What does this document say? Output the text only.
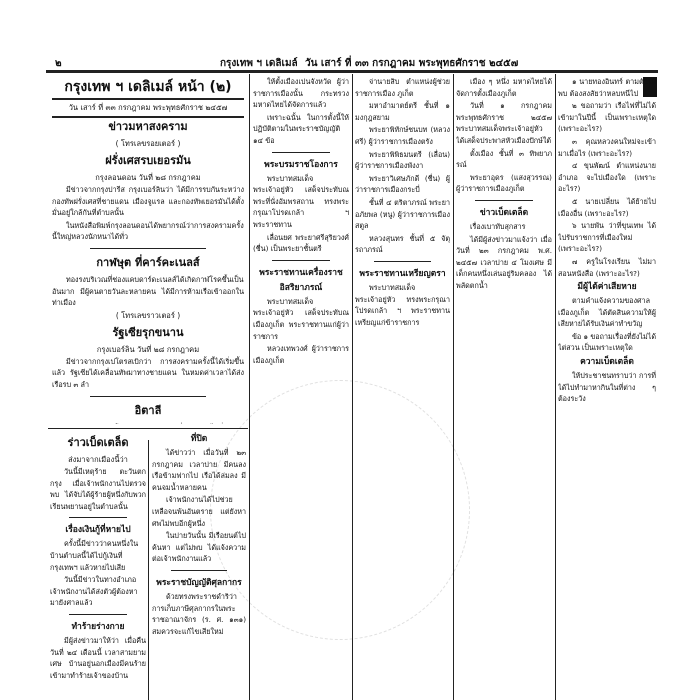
๒	กรุงเทพ ฯ เดลิเมล์ วัน เสาร์ ที่ ๓๓ กรกฎาคม พระพุทธศักราช ๒๔๕๗
กรุงเทพ ฯ เดลิเมล์ หน้า (๒)
วัน เสาร์ ที่ ๓๓ กรกฎาคม พระพุทธศักราช ๒๔๕๗
ข่าวมหาสงคราม
( โทรเลขรอยเตอร์ )
ฝรั่งเศสรบเยอรมัน
กรุงลอนดอน วันที่ ๒๘ กรกฎาคม
มีข่าวจากกรุงปารีส กรุงเบอร์ลินว่า ได้มีการรบกันระหว่างกองทัพฝรั่งเศสที่ชายแดน เมืองจูแรล และกองทัพเยอรมันได้ตั้งมั่นอยู่ใกล้กันที่ตำบลนั้น
ในหนังสือพิมพ์กรุงลอนดอนได้พยากรณ์ว่าการสงครามครั้งนี้ใหญ่หลวงนักหนาได้ทั่ว
กาฬษุต ที่คาร์คะเนลส์
ทองรงบริเวณที่ช่องแคบดาร์ดะเนลส์ได้เกิดกาฬโรคขึ้นเป็นอันมาก มีผู้คนตายวันละหลายคน ได้มีการห้ามเรือเข้าออกในท่าเมือง
( โทรเลขราวเตอร์ )
รัฐเซียรุกขนาน
กรุงเบอร์ลิน วันที่ ๒๘ กรกฎาคม
มีข่าวจากกรุงเปโตรสเบิกว่า การสงครามครั้งนี้ได้เริ่มขึ้นแล้ว รัฐเซียได้เคลื่อนทัพมาทางชายแดน ในหมดค่าเวลาได้ส่งเรือรบ ๓ ลำ
อิตาลี
ร่าวเบ็ดเตล็ด
ส่งมาจากเมืองนี้ว่า
วันนี้มีเหตุร้าย ตะวันตก กรุง เมื่อเจ้าพนักงานไปตรวจพบ ได้จับได้ผู้ร้ายผู้หนึ่งกับพวก เรียนพยานอยู่ในตำบลนั้น
เรื่องเงินกู้ที่หายไป
ครั้งนี้มีข่าวว่าคนหนึ่งในบ้านตำบลนี้ได้ไปกู้เงินที่กรุงเทพฯ แล้วหายไปเสีย
วันนี้มีข่าวในทางอำเภอ เจ้าพนักงานได้ส่งตัวผู้ต้องหามายังศาลแล้ว
ทำร้ายร่างกาย
มีผู้ส่งข่าวมาให้ว่า เมื่อคืนวันที่ ๒๔ เดือนนี้ เวลาสามยามเศษ บ้านอยู่นอกเมืองมีคนร้ายเข้ามาทำร้ายเจ้าของบ้าน
ที่ปิด
ได้ข่าวว่า เมื่อวันที่ ๒๓ กรกฎาคม เวลาบ่าย มีคนลงเรือข้ามฟากไป เรือได้ล่มลง มีคนจมน้ำหลายคน
เจ้าพนักงานได้ไปช่วยเหลือจนพ้นอันตราย แต่ยังหาศพไม่พบอีกผู้หนึ่ง
ในบ่ายวันนั้น มีเรือยนต์ไปค้นหา แต่ไม่พบ ได้แจ้งความต่อเจ้าพนักงานแล้ว
พระราชบัญญัติศุลกากร
ด้วยทรงพระราชดำริว่า การเก็บภาษีศุลกากรในพระราชอาณาจักร (ร. ศ. ๑๓๑) สมควรจะแก้ไขเสียใหม่
ให้ตั้งเมืองเปนจังหวัด ผู้ว่าราชการเมืองนั้น กระทรวงมหาดไทยได้จัดการแล้ว
เพราะฉนั้น ในการตั้งนี้ให้ปฏิบัติตามในพระราชบัญญัติ ๑๔ ข้อ
พระบรมราชโองการ
พระบาทสมเด็จพระเจ้าอยู่หัว เสด็จประทับณพระที่นั่งอัมพรสถาน ทรงพระกรุณาโปรดเกล้า ฯ พระราชทาน
เลื่อนยศ พระยาศรีสุริยวงศ์ (ชื่น) เป็นพระยาชั้นตรี
พระราชทานเครื่องราชอิสริยาภรณ์
พระบาทสมเด็จพระเจ้าอยู่หัว เสด็จประทับณ เมืองภูเก็ต พระราชทานแก่ผู้ว่าราชการ
หลวงเทพวงศ์ ผู้ว่าราชการเมืองภูเก็ต
จ่านายสิบ ตำแหน่งผู้ช่วยราชการเมือง ภูเก็ต
มหาอำมาตย์ตรี ชั้นที่ ๑ มงกุฎสยาม
พระยาพิทักษ์ชนบท (หลวงศรี) ผู้ว่าราชการเมืองตรัง
พระยาพิพิธมนตรี (เลื่อน) ผู้ว่าราชการเมืองพังงา
พระยาวิเศษภักดี (ชื่น) ผู้ว่าราชการเมืองกระบี่
ชั้นที่ ๔ ตริตาภรณ์ พระยาอภัยพล (หนู) ผู้ว่าราชการเมืองสตูล
หลวงสุนทร ชั้นที่ ๕ จัตุรถาภรณ์
พระราชทานเหรียญตรา
พระบาทสมเด็จพระเจ้าอยู่หัว ทรงพระกรุณาโปรดเกล้า ฯ พระราชทานเหรียญแก่ข้าราชการ
เมือง ๆ หนึ่ง มหาดไทยได้จัดการตั้งเมืองภูเก็ต
วันที่ ๑ กรกฎาคม พระพุทธศักราช ๒๔๕๗ พระบาทสมเด็จพระเจ้าอยู่หัว ได้เสด็จประพาสหัวเมืองปักษ์ใต้
ตั้งเมือง ชั้นที่ ๓ ทิพยาภรณ์
พระยาอุดร (แสงสุวรรณ) ผู้ว่าราชการเมืองภูเก็ต
ข่าวเบ็ดเตล็ด
เรื่องเบาทับสุกสาร
ได้มีผู้ส่งข่าวมาแจ้งว่า เมื่อวันที่ ๒๓ กรกฎาคม พ.ศ. ๒๔๕๗ เวลาบ่าย ๔ โมงเศษ มีเด็กคนหนึ่งเล่นอยู่ริมคลอง ได้พลัดตกน้ำ
๑ นายทองอินทร์ ตามตัวไม่พบ ต้องสงสัยว่าหลบหนีไป
๒ ขอถามว่า เรือไฟที่ไม่ได้เข้ามาในปีนี้ เป็นเพราะเหตุใด (เพราะอะไร?)
๓ คุณหลวงคนใหม่จะเข้ามาเมื่อไร (เพราะอะไร?)
๔ ขุนพัฒน์ ตำแหน่งนายอำเภอ จะไปเมืองใด (เพราะอะไร?)
๕ นายเปลี่ยน ได้ย้ายไปเมืองอื่น (เพราะอะไร?)
๖ นายพัน ว่าที่ขุนเทพ ได้ไปรับราชการที่เมืองใหม่ (เพราะอะไร?)
๗ ครูในโรงเรียน ไม่มาสอนหนังสือ (เพราะอะไร?)
มีผู้ได้ค่าเสียหาย
ตามคำแจ้งความของศาลเมืองภูเก็ต ได้ตัดสินความให้ผู้เสียหายได้รับเงินค่าทำขวัญ
ข้อ ๑ ขอถามเรื่องที่ยังไม่ได้ไต่สวน เป็นเพราะเหตุใด
ความเบ็ดเตล็ด
ให้ประชาชนทราบว่า การที่ได้ไปทำมาหากินในที่ต่าง ๆ ต้องระวัง
